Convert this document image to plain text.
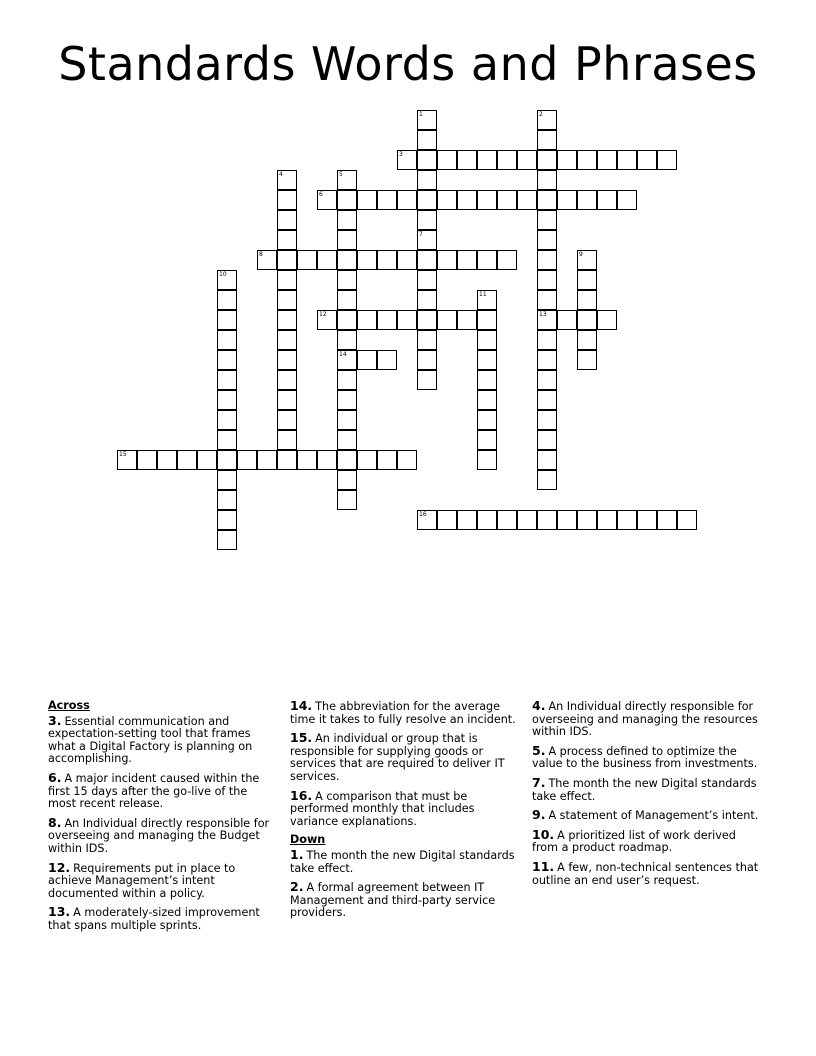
Standards Words and Phrases
1
7
2
13
3
4	5
14
6
8	9
10
11
12
15
16
Across
3. Essential communication and expectation-setting tool that frames what a Digital Factory is planning on accomplishing.
6. A major incident caused within the first 15 days after the go-live of the most recent release.
8. An Individual directly responsible for overseeing and managing the Budget within IDS.
12. Requirements put in place to achieve Management’s intent documented within a policy.
13. A moderately-sized improvement that spans multiple sprints.
14. The abbreviation for the average time it takes to fully resolve an incident.
15. An individual or group that is responsible for supplying goods or services that are required to deliver IT services.
16. A comparison that must be performed monthly that includes variance explanations.
Down
1. The month the new Digital standards take effect.
2. A formal agreement between IT Management and third-party service providers.
4. An Individual directly responsible for overseeing and managing the resources within IDS.
5. A process defined to optimize the value to the business from investments.
7. The month the new Digital standards take effect.
9. A statement of Management’s intent.
10. A prioritized list of work derived from a product roadmap.
11. A few, non-technical sentences that outline an end user’s request.
